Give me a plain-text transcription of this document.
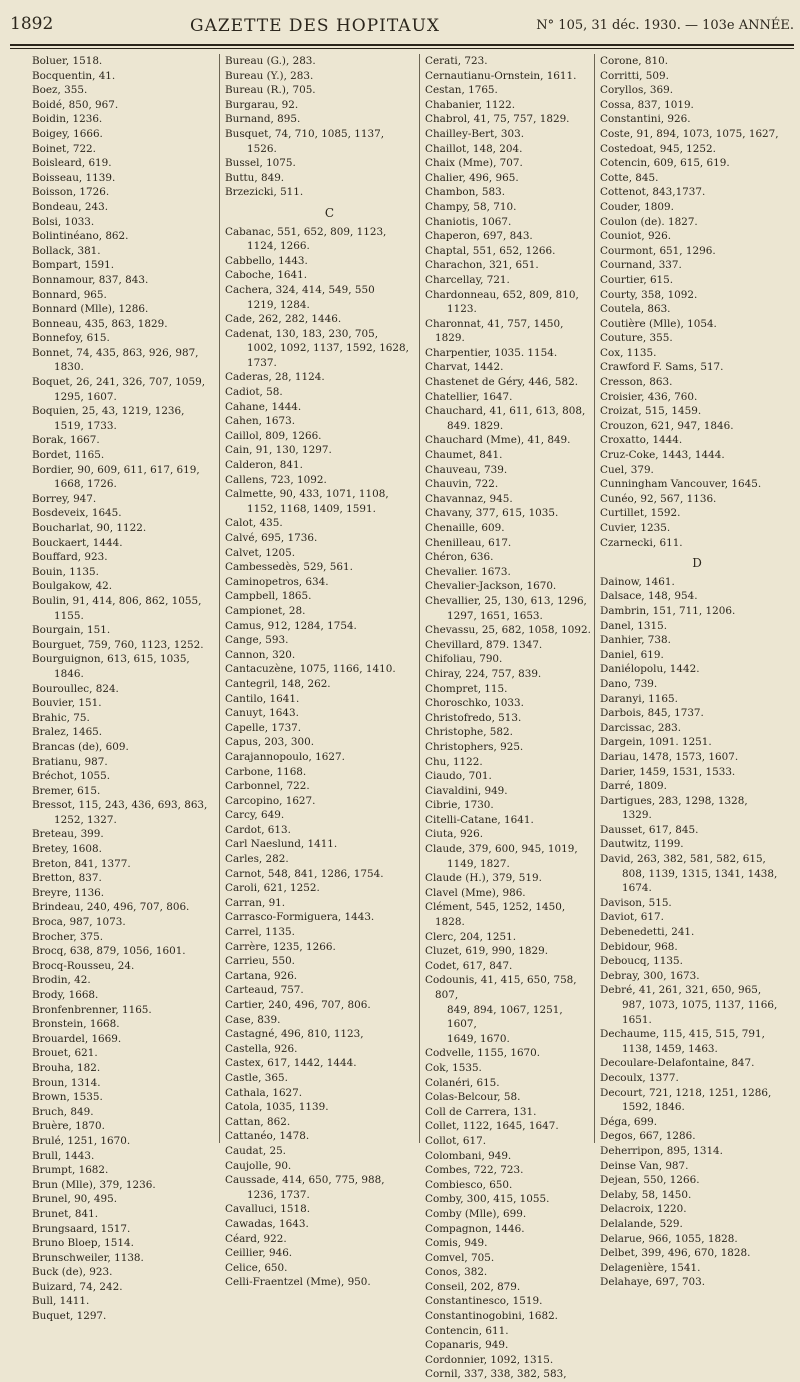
1892	GAZETTE DES HOPITAUX	N° 105, 31 déc. 1930. — 103e ANNÉE.

Boluer, 1518.

Bocquentin, 41.

Boez, 355.

Boidé, 850, 967.

Boidin, 1236.

Boigey, 1666.

Boinet, 722.

Boisleard, 619.

Boisseau, 1139.

Boisson, 1726.

Bondeau, 243.

Bolsi, 1033.

Bolintinéano, 862.

Bollack, 381.

Bompart, 1591.

Bonnamour, 837, 843.

Bonnard, 965.

Bonnard (Mlle), 1286.

Bonneau, 435, 863, 1829.

Bonnefoy, 615.

Bonnet, 74, 435, 863, 926, 987,

1830.

Boquet, 26, 241, 326, 707, 1059,

1295, 1607.

Boquien, 25, 43, 1219, 1236,

1519, 1733.

Borak, 1667.

Bordet, 1165.

Bordier, 90, 609, 611, 617, 619,

1668, 1726.

Borrey, 947.

Bosdeveix, 1645.

Boucharlat, 90, 1122.

Bouckaert, 1444.

Bouffard, 923.

Bouin, 1135.

Boulgakow, 42.

Boulin, 91, 414, 806, 862, 1055,

1155.

Bourgain, 151.

Bourguet, 759, 760, 1123, 1252.

Bourguignon, 613, 615, 1035,

1846.

Bouroullec, 824.

Bouvier, 151.

Brahic, 75.

Bralez, 1465.

Brancas (de), 609.

Bratianu, 987.

Bréchot, 1055.

Bremer, 615.

Bressot, 115, 243, 436, 693, 863,

1252, 1327.

Breteau, 399.

Bretey, 1608.

Breton, 841, 1377.

Bretton, 837.

Breyre, 1136.

Brindeau, 240, 496, 707, 806.

Broca, 987, 1073.

Brocher, 375.

Brocq, 638, 879, 1056, 1601.

Brocq-Rousseu, 24.

Brodin, 42.

Brody, 1668.

Bronfenbrenner, 1165.

Bronstein, 1668.

Brouardel, 1669.

Brouet, 621.

Brouha, 182.

Broun, 1314.

Brown, 1535.

Bruch, 849.

Bruère, 1870.

Brulé, 1251, 1670.

Brull, 1443.

Brumpt, 1682.

Brun (Mlle), 379, 1236.

Brunel, 90, 495.

Brunet, 841.

Brungsaard, 1517.

Bruno Bloep, 1514.

Brunschweiler, 1138.

Buck (de), 923.

Buizard, 74, 242.

Bull, 1411.

Buquet, 1297.

Bureau (G.), 283.

Bureau (Y.), 283.

Bureau (R.), 705.

Burgarau, 92.

Burnand, 895.

Busquet, 74, 710, 1085, 1137,

1526.

Bussel, 1075.

Buttu, 849.

Brzezicki, 511.

C

Cabanac, 551, 652, 809, 1123,

1124, 1266.

Cabbello, 1443.

Caboche, 1641.

Cachera, 324, 414, 549, 550

1219, 1284.

Cade, 262, 282, 1446.

Cadenat, 130, 183, 230, 705,

1002, 1092, 1137, 1592, 1628,

1737.

Caderas, 28, 1124.

Cadiot, 58.

Cahane, 1444.

Cahen, 1673.

Caillol, 809, 1266.

Cain, 91, 130, 1297.

Calderon, 841.

Callens, 723, 1092.

Calmette, 90, 433, 1071, 1108,

1152, 1168, 1409, 1591.

Calot, 435.

Calvé, 695, 1736.

Calvet, 1205.

Cambessedès, 529, 561.

Caminopetros, 634.

Campbell, 1865.

Campionet, 28.

Camus, 912, 1284, 1754.

Cange, 593.

Cannon, 320.

Cantacuzène, 1075, 1166, 1410.

Cantegril, 148, 262.

Cantilo, 1641.

Canuyt, 1643.

Capelle, 1737.

Capus, 203, 300.

Carajannopoulo, 1627.

Carbone, 1168.

Carbonnel, 722.

Carcopino, 1627.

Carcy, 649.

Cardot, 613.

Carl Naeslund, 1411.

Carles, 282.

Carnot, 548, 841, 1286, 1754.

Caroli, 621, 1252.

Carran, 91.

Carrasco-Formiguera, 1443.

Carrel, 1135.

Carrère, 1235, 1266.

Carrieu, 550.

Cartana, 926.

Carteaud, 757.

Cartier, 240, 496, 707, 806.

Case, 839.

Castagné, 496, 810, 1123,

Castella, 926.

Castex, 617, 1442, 1444.

Castle, 365.

Cathala, 1627.

Catola, 1035, 1139.

Cattan, 862.

Cattanéo, 1478.

Caudat, 25.

Caujolle, 90.

Caussade, 414, 650, 775, 988,

1236, 1737.

Cavalluci, 1518.

Cawadas, 1643.

Céard, 922.

Ceillier, 946.

Celice, 650.

Celli-Fraentzel (Mme), 950.

Cerati, 723.

Cernautianu-Ornstein, 1611.

Cestan, 1765.

Chabanier, 1122.

Chabrol, 41, 75, 757, 1829.

Chailley-Bert, 303.

Chaillot, 148, 204.

Chaix (Mme), 707.

Chalier, 496, 965.

Chambon, 583.

Champy, 58, 710.

Chaniotis, 1067.

Chaperon, 697, 843.

Chaptal, 551, 652, 1266.

Charachon, 321, 651.

Charcellay, 721.

Chardonneau, 652, 809, 810,

1123.

Charonnat, 41, 757, 1450, 1829.

Charpentier, 1035. 1154.

Charvat, 1442.

Chastenet de Géry, 446, 582.

Chatellier, 1647.

Chauchard, 41, 611, 613, 808,

849. 1829.

Chauchard (Mme), 41, 849.

Chaumet, 841.

Chauveau, 739.

Chauvin, 722.

Chavannaz, 945.

Chavany, 377, 615, 1035.

Chenaille, 609.

Chenilleau, 617.

Chéron, 636.

Chevalier. 1673.

Chevalier-Jackson, 1670.

Chevallier, 25, 130, 613, 1296,

1297, 1651, 1653.

Chevassu, 25, 682, 1058, 1092.

Chevillard, 879. 1347.

Chifoliau, 790.

Chiray, 224, 757, 839.

Chompret, 115.

Choroschko, 1033.

Christofredo, 513.

Christophe, 582.

Christophers, 925.

Chu, 1122.

Ciaudo, 701.

Ciavaldini, 949.

Cibrie, 1730.

Citelli-Catane, 1641.

Ciuta, 926.

Claude, 379, 600, 945, 1019,

1149, 1827.

Claude (H.), 379, 519.

Clavel (Mme), 986.

Clément, 545, 1252, 1450, 1828.

Clerc, 204, 1251.

Cluzet, 619, 990, 1829.

Codet, 617, 847.

Codounis, 41, 415, 650, 758, 807,

849, 894, 1067, 1251, 1607,

1649, 1670.

Codvelle, 1155, 1670.

Cok, 1535.

Colanéri, 615.

Colas-Belcour, 58.

Coll de Carrera, 131.

Collet, 1122, 1645, 1647.

Collot, 617.

Colombani, 949.

Combes, 722, 723.

Combiesco, 650.

Comby, 300, 415, 1055.

Comby (Mlle), 699.

Compagnon, 1446.

Comis, 949.

Comvel, 705.

Conos, 382.

Conseil, 202, 879.

Constantinesco, 1519.

Constantinogobini, 1682.

Contencin, 611.

Copanaris, 949.

Cordonnier, 1092, 1315.

Cornil, 337, 338, 382, 583,

Corone, 810.

Corritti, 509.

Coryllos, 369.

Cossa, 837, 1019.

Constantini, 926.

Coste, 91, 894, 1073, 1075, 1627,

Costedoat, 945, 1252.

Cotencin, 609, 615, 619.

Cotte, 845.

Cottenot, 843,1737.

Couder, 1809.

Coulon (de). 1827.

Couniot, 926.

Courmont, 651, 1296.

Cournand, 337.

Courtier, 615.

Courty, 358, 1092.

Coutela, 863.

Coutière (Mlle), 1054.

Couture, 355.

Cox, 1135.

Crawford F. Sams, 517.

Cresson, 863.

Croisier, 436, 760.

Croizat, 515, 1459.

Crouzon, 621, 947, 1846.

Croxatto, 1444.

Cruz-Coke, 1443, 1444.

Cuel, 379.

Cunningham Vancouver, 1645.

Cunéo, 92, 567, 1136.

Curtillet, 1592.

Cuvier, 1235.

Czarnecki, 611.

D

Dainow, 1461.

Dalsace, 148, 954.

Dambrin, 151, 711, 1206.

Danel, 1315.

Danhier, 738.

Daniel, 619.

Daniélopolu, 1442.

Dano, 739.

Daranyi, 1165.

Darbois, 845, 1737.

Darcissac, 283.

Dargein, 1091. 1251.

Dariau, 1478, 1573, 1607.

Darier, 1459, 1531, 1533.

Darré, 1809.

Dartigues, 283, 1298, 1328,

1329.

Dausset, 617, 845.

Dautwitz, 1199.

David, 263, 382, 581, 582, 615,

808, 1139, 1315, 1341, 1438,

1674.

Davison, 515.

Daviot, 617.

Debenedetti, 241.

Debidour, 968.

Deboucq, 1135.

Debray, 300, 1673.

Debré, 41, 261, 321, 650, 965,

987, 1073, 1075, 1137, 1166,

1651.

Dechaume, 115, 415, 515, 791,

1138, 1459, 1463.

Decoulare-Delafontaine, 847.

Decoulx, 1377.

Decourt, 721, 1218, 1251, 1286,

1592, 1846.

Déga, 699.

Degos, 667, 1286.

Deherripon, 895, 1314.

Deinse Van, 987.

Dejean, 550, 1266.

Delaby, 58, 1450.

Delacroix, 1220.

Delalande, 529.

Delarue, 966, 1055, 1828.

Delbet, 399, 496, 670, 1828.

Delagenière, 1541.

Delahaye, 697, 703.
